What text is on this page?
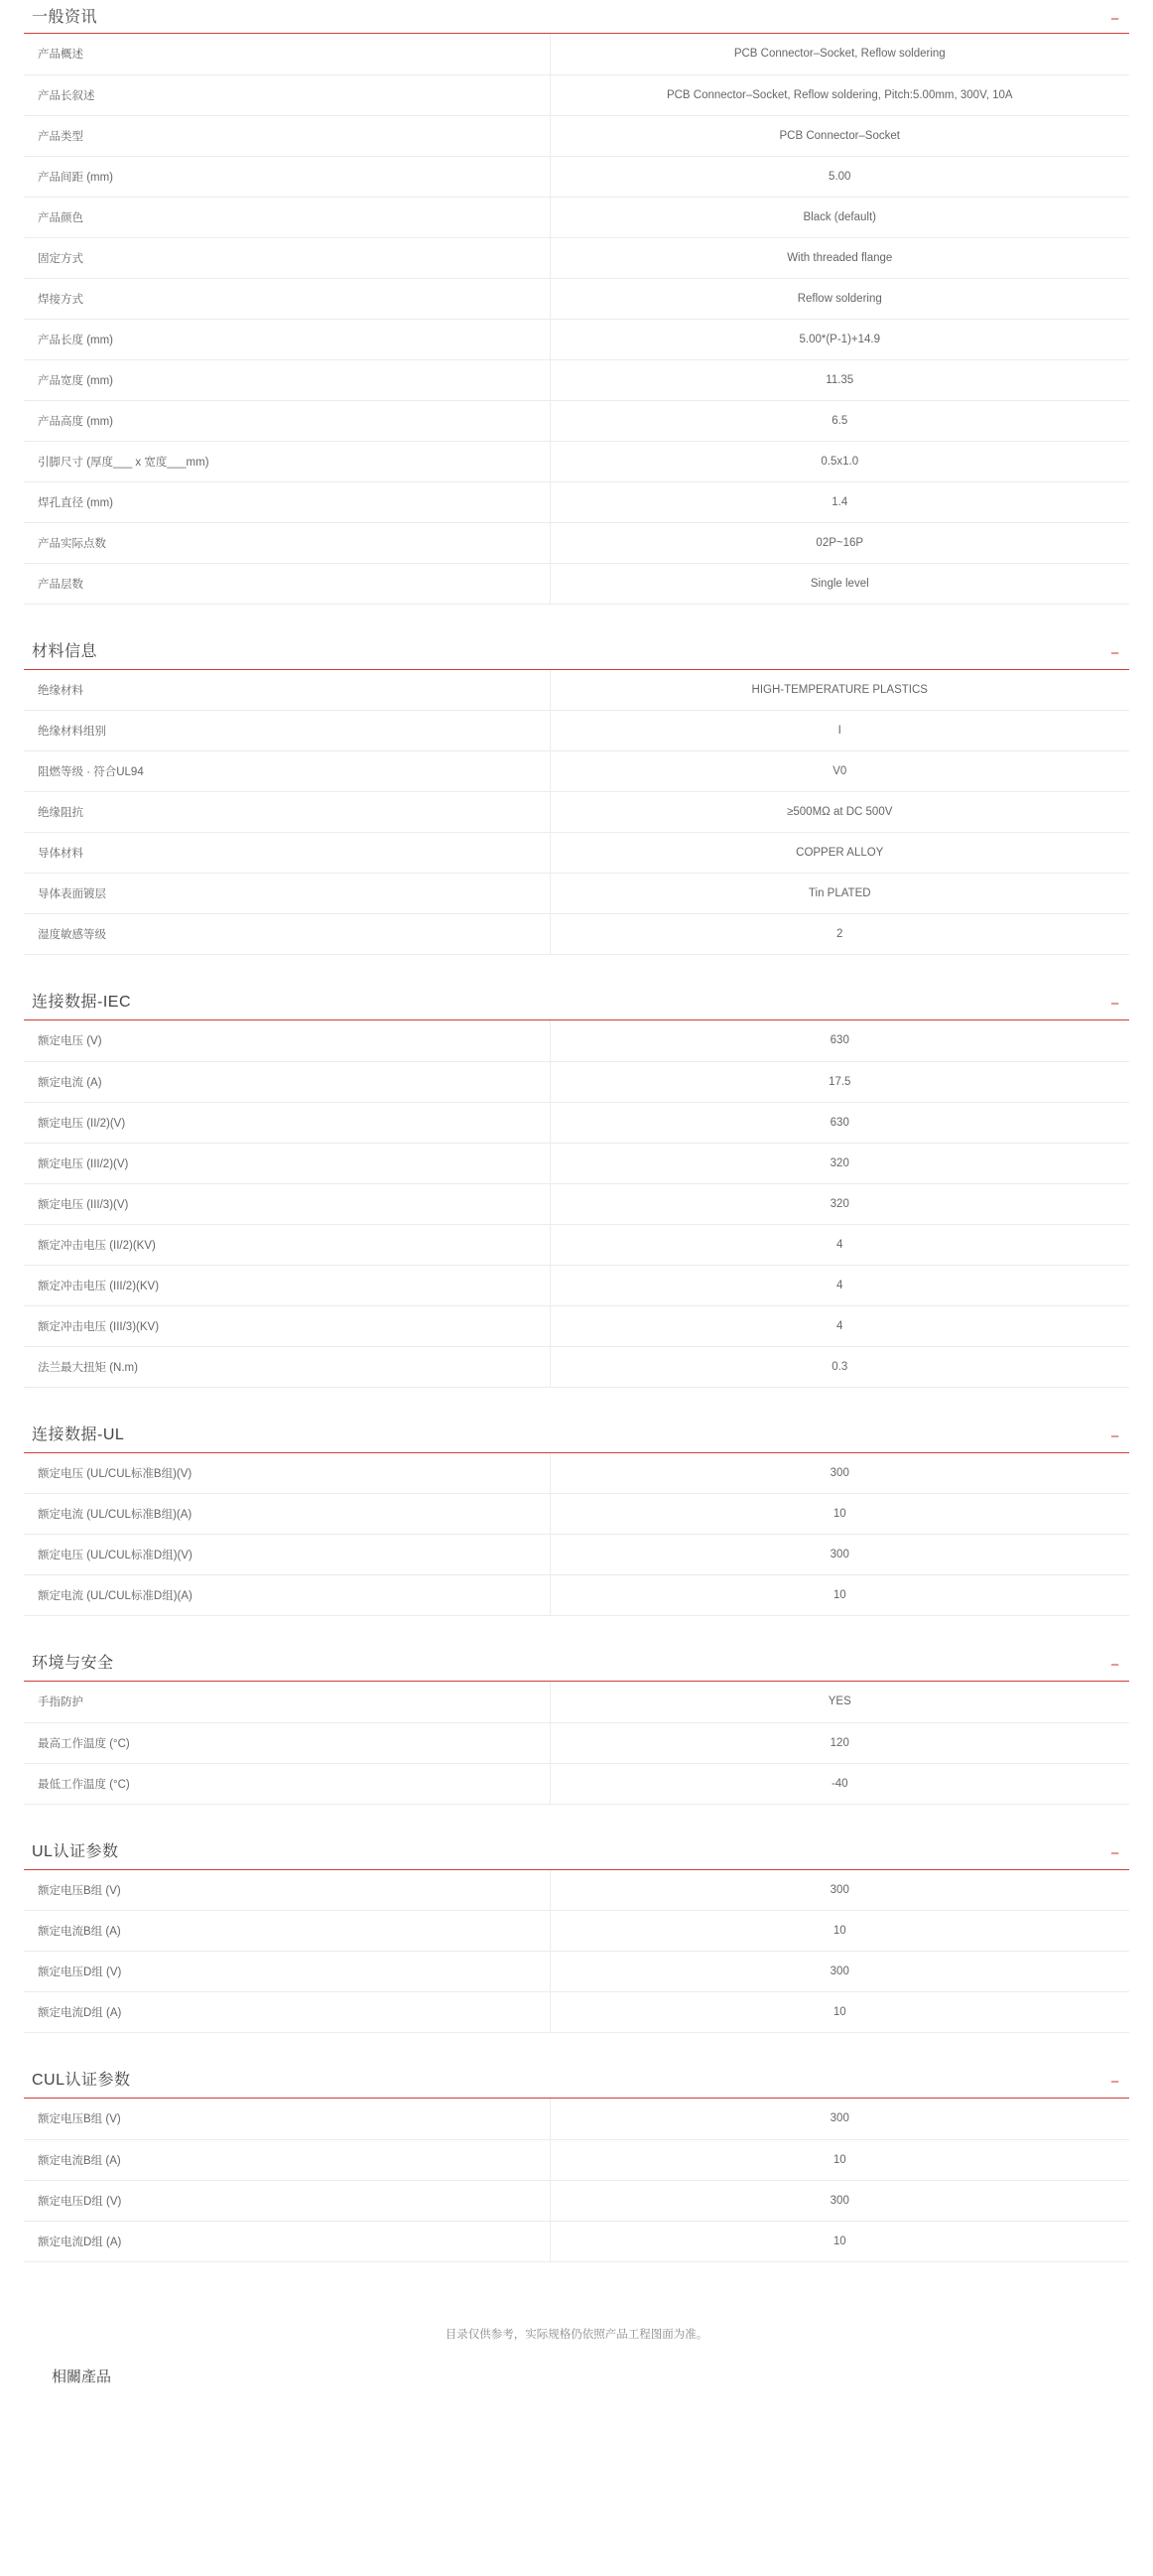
一般资讯	−
产品概述	PCB Connector–Socket, Reflow soldering
产品长叙述	PCB Connector–Socket, Reflow soldering, Pitch:5.00mm, 300V, 10A
产品类型	PCB Connector–Socket
产品间距 (mm)	5.00
产品颜色	Black (default)
固定方式	With threaded flange
焊接方式	Reflow soldering
产品长度 (mm)	5.00*(P-1)+14.9
产品宽度 (mm)	11.35
产品高度 (mm)	6.5
引脚尺寸 (厚度___ x 宽度___mm)	0.5x1.0
焊孔直径 (mm)	1.4
产品实际点数	02P~16P
产品层数	Single level
材料信息	−
绝缘材料	HIGH-TEMPERATURE PLASTICS
绝缘材料组别	I
阻燃等级 · 符合UL94	V0
绝缘阻抗	≥500MΩ at DC 500V
导体材料	COPPER ALLOY
导体表面镀层	Tin PLATED
湿度敏感等级	2
连接数据-IEC	−
额定电压 (V)	630
额定电流 (A)	17.5
额定电压 (II/2)(V)	630
额定电压 (III/2)(V)	320
额定电压 (III/3)(V)	320
额定冲击电压 (II/2)(KV)	4
额定冲击电压 (III/2)(KV)	4
额定冲击电压 (III/3)(KV)	4
法兰最大扭矩 (N.m)	0.3
连接数据-UL	−
额定电压 (UL/CUL标准B组)(V)	300
额定电流 (UL/CUL标准B组)(A)	10
额定电压 (UL/CUL标准D组)(V)	300
额定电流 (UL/CUL标准D组)(A)	10
环境与安全	−
手指防护	YES
最高工作温度 (°C)	120
最低工作温度 (°C)	-40
UL认证参数	−
额定电压B组 (V)	300
额定电流B组 (A)	10
额定电压D组 (V)	300
额定电流D组 (A)	10
CUL认证参数	−
额定电压B组 (V)	300
额定电流B组 (A)	10
额定电压D组 (V)	300
额定电流D组 (A)	10
目录仅供参考，实际规格仍依照产品工程图面为准。
相關產品
